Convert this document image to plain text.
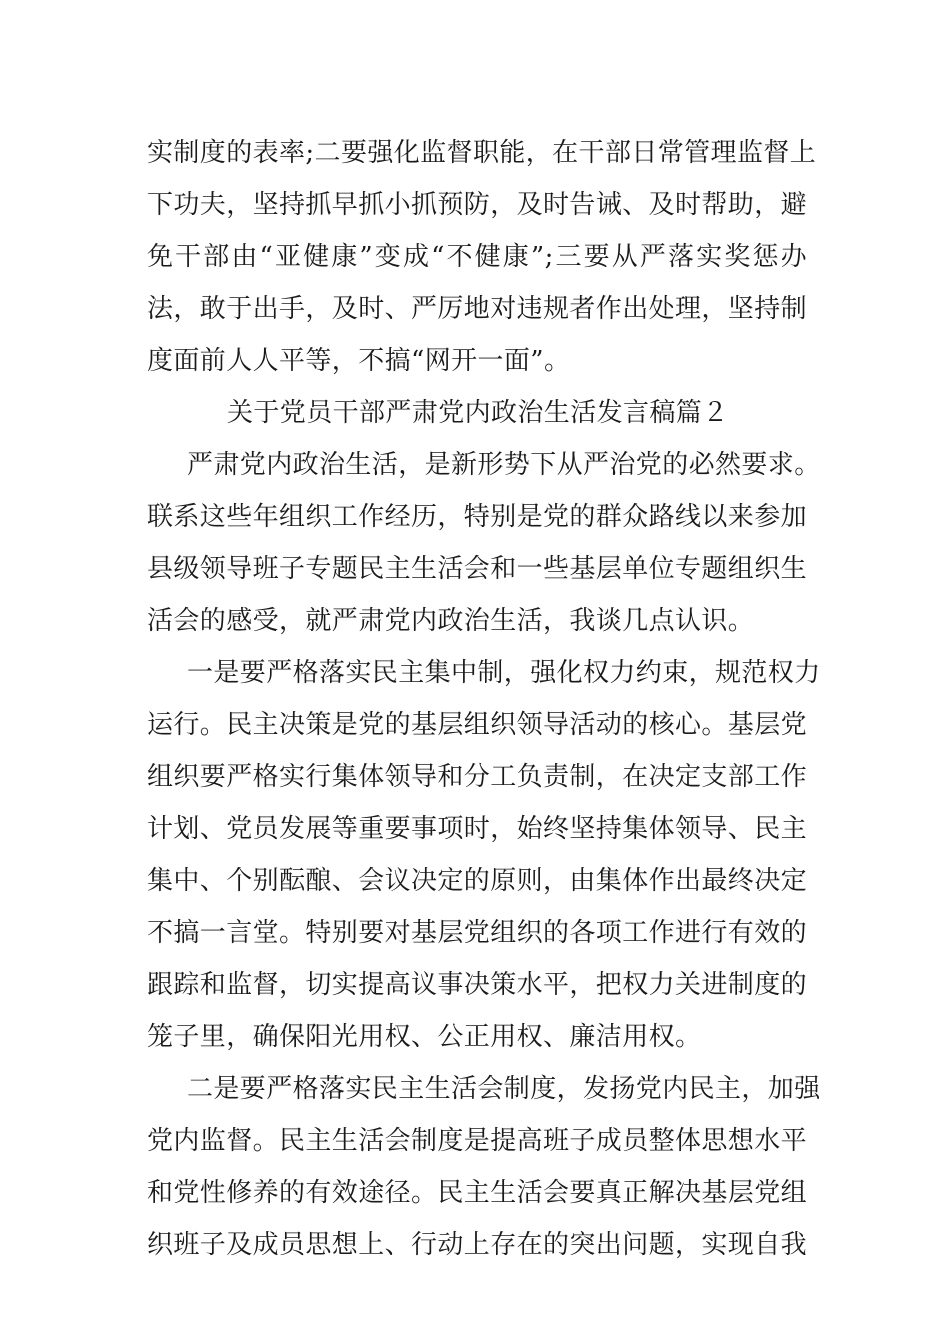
实制度的表率;二要强化监督职能，在干部日常管理监督上
下功夫，坚持抓早抓小抓预防，及时告诫、及时帮助，避
免干部由“亚健康”变成“不健康”;三要从严落实奖惩办
法，敢于出手，及时、严厉地对违规者作出处理，坚持制
度面前人人平等，不搞“网开一面”。
关于党员干部严肃党内政治生活发言稿篇２
严肃党内政治生活，是新形势下从严治党的必然要求。
联系这些年组织工作经历，特别是党的群众路线以来参加
县级领导班子专题民主生活会和一些基层单位专题组织生
活会的感受，就严肃党内政治生活，我谈几点认识。
一是要严格落实民主集中制，强化权力约束，规范权力
运行。民主决策是党的基层组织领导活动的核心。基层党
组织要严格实行集体领导和分工负责制，在决定支部工作
计划、党员发展等重要事项时，始终坚持集体领导、民主
集中、个别酝酿、会议决定的原则，由集体作出最终决定
不搞一言堂。特别要对基层党组织的各项工作进行有效的
跟踪和监督，切实提高议事决策水平，把权力关进制度的
笼子里，确保阳光用权、公正用权、廉洁用权。
二是要严格落实民主生活会制度，发扬党内民主，加强
党内监督。民主生活会制度是提高班子成员整体思想水平
和党性修养的有效途径。民主生活会要真正解决基层党组
织班子及成员思想上、行动上存在的突出问题，实现自我
